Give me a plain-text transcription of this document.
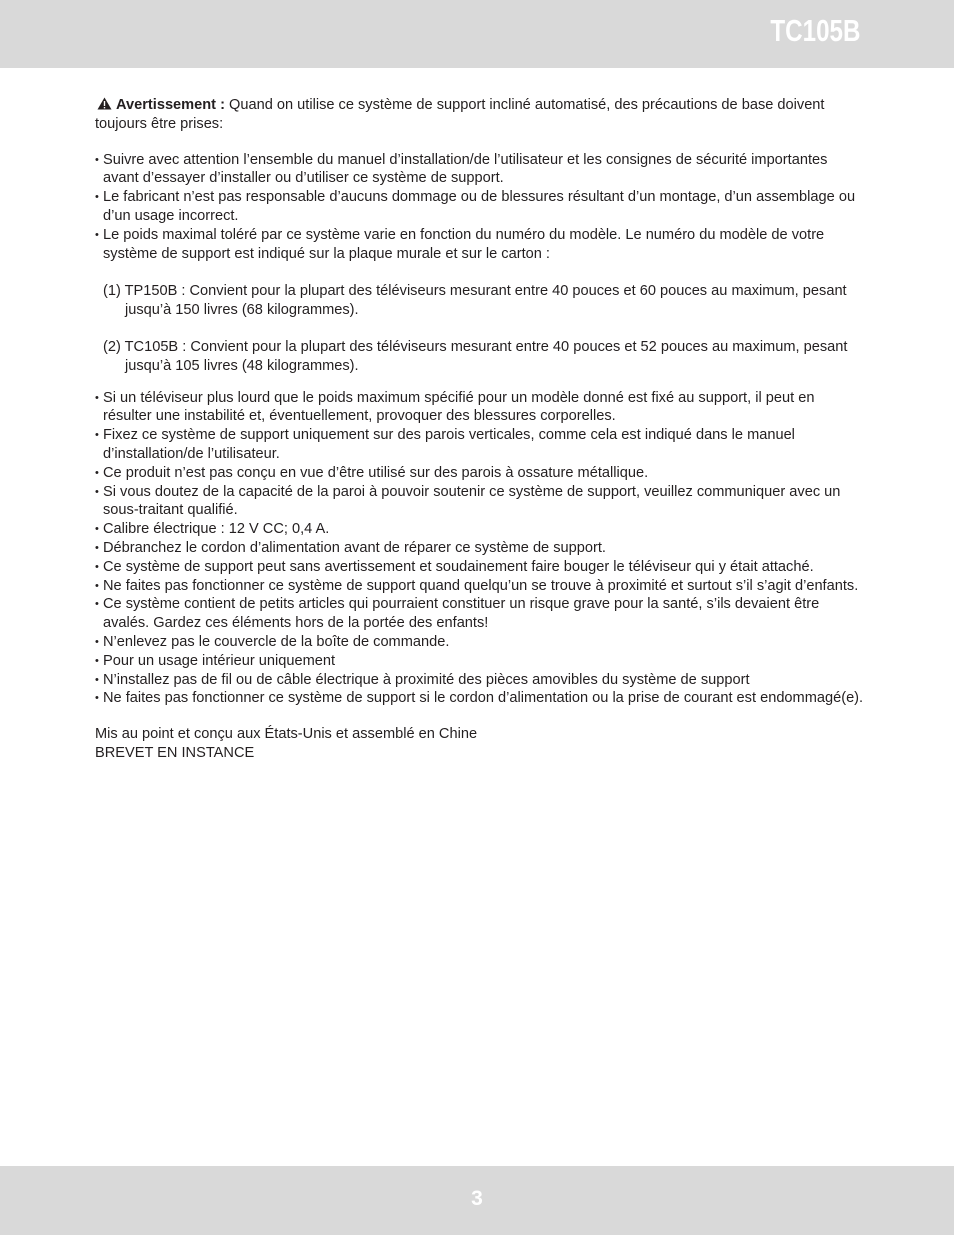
TC105B

Avertissement : Quand on utilise ce système de support incliné automatisé, des précautions de base doivent toujours être prises:

• Suivre avec attention l’ensemble du manuel d’installation/de l’utilisateur et les consignes de sécurité importantes avant d’essayer d’installer ou d’utiliser ce système de support.
• Le fabricant n’est pas responsable d’aucuns dommage ou de blessures résultant d’un montage, d’un assemblage ou d’un usage incorrect.
• Le poids maximal toléré par ce système varie en fonction du numéro du modèle. Le numéro du modèle de votre système de support est indiqué sur la plaque murale et sur le carton :
(1) TP150B : Convient pour la plupart des téléviseurs mesurant entre 40 pouces et 60 pouces au maximum, pesant jusqu’à 150 livres (68 kilogrammes).
(2) TC105B : Convient pour la plupart des téléviseurs mesurant entre 40 pouces et 52 pouces au maximum, pesant jusqu’à 105 livres (48 kilogrammes).
• Si un téléviseur plus lourd que le poids maximum spécifié pour un modèle donné est fixé au support, il peut en résulter une instabilité et, éventuellement, provoquer des blessures corporelles.
• Fixez ce système de support uniquement sur des parois verticales, comme cela est indiqué dans le manuel d’installation/de l’utilisateur.
• Ce produit n’est pas conçu en vue d’être utilisé sur des parois à ossature métallique.
• Si vous doutez de la capacité de la paroi à pouvoir soutenir ce système de support, veuillez communiquer avec un sous-traitant qualifié.
• Calibre électrique : 12 V CC; 0,4 A.
• Débranchez le cordon d’alimentation avant de réparer ce système de support.
• Ce système de support peut sans avertissement et soudainement faire bouger le téléviseur qui y était attaché.
• Ne faites pas fonctionner ce système de support quand quelqu’un se trouve à proximité et surtout s’il s’agit d’enfants.
• Ce système contient de petits articles qui pourraient constituer un risque grave pour la santé, s’ils devaient être avalés. Gardez ces éléments hors de la portée des enfants!
• N’enlevez pas le couvercle de la boîte de commande.
• Pour un usage intérieur uniquement
• N’installez pas de fil ou de câble électrique à proximité des pièces amovibles du système de support
• Ne faites pas fonctionner ce système de support si le cordon d’alimentation ou la prise de courant est endommagé(e).

Mis au point et conçu aux États-Unis et assemblé en Chine

BREVET EN INSTANCE

3
